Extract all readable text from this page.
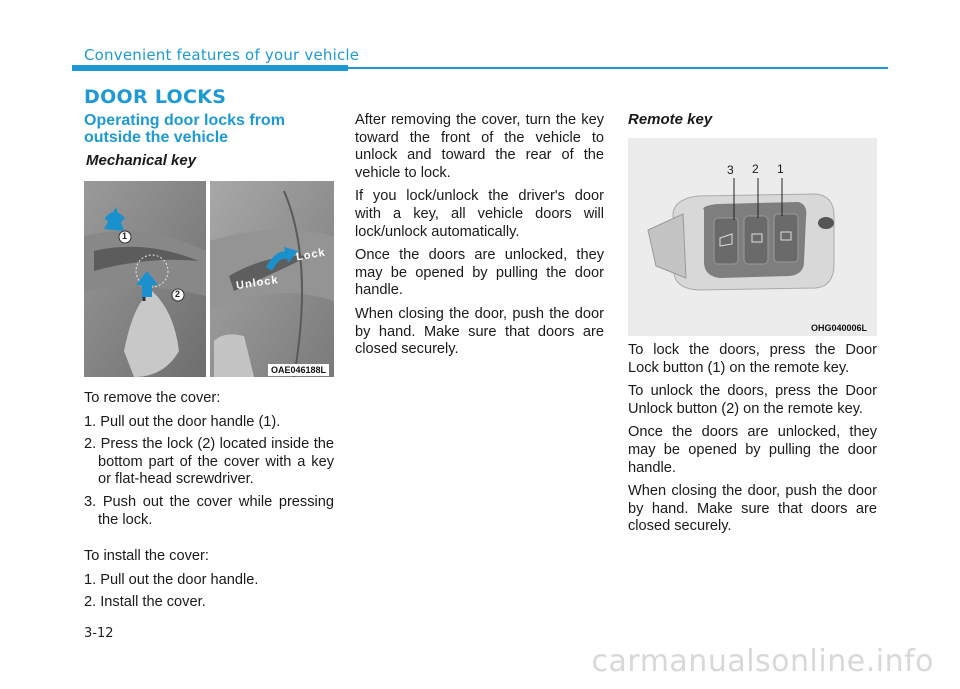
Convenient features of your vehicle
DOOR LOCKS
Operating door locks from outside the vehicle
Mechanical key
1
2
Unlock
Lock
OAE046188L

To remove the cover:

1. Pull out the door handle (1).
2. Press the lock (2) located inside the bottom part of the cover with a key or flat-head screwdriver.
3. Push out the cover while pressing the lock.

To install the cover:

1. Pull out the door handle.
2. Install the cover.

After removing the cover, turn the key toward the front of the vehicle to unlock and toward the rear of the vehicle to lock.

If you lock/unlock the driver's door with a key, all vehicle doors will lock/unlock automatically.

Once the doors are unlocked, they may be opened by pulling the door handle.

When closing the door, push the door by hand. Make sure that doors are closed securely.

Remote key
3 2 1
OHG040006L

To lock the doors, press the Door Lock button (1) on the remote key.

To unlock the doors, press the Door Unlock button (2) on the remote key.

Once the doors are unlocked, they may be opened by pulling the door handle.

When closing the door, push the door by hand. Make sure that doors are closed securely.

3-12
carmanualsonline.info
